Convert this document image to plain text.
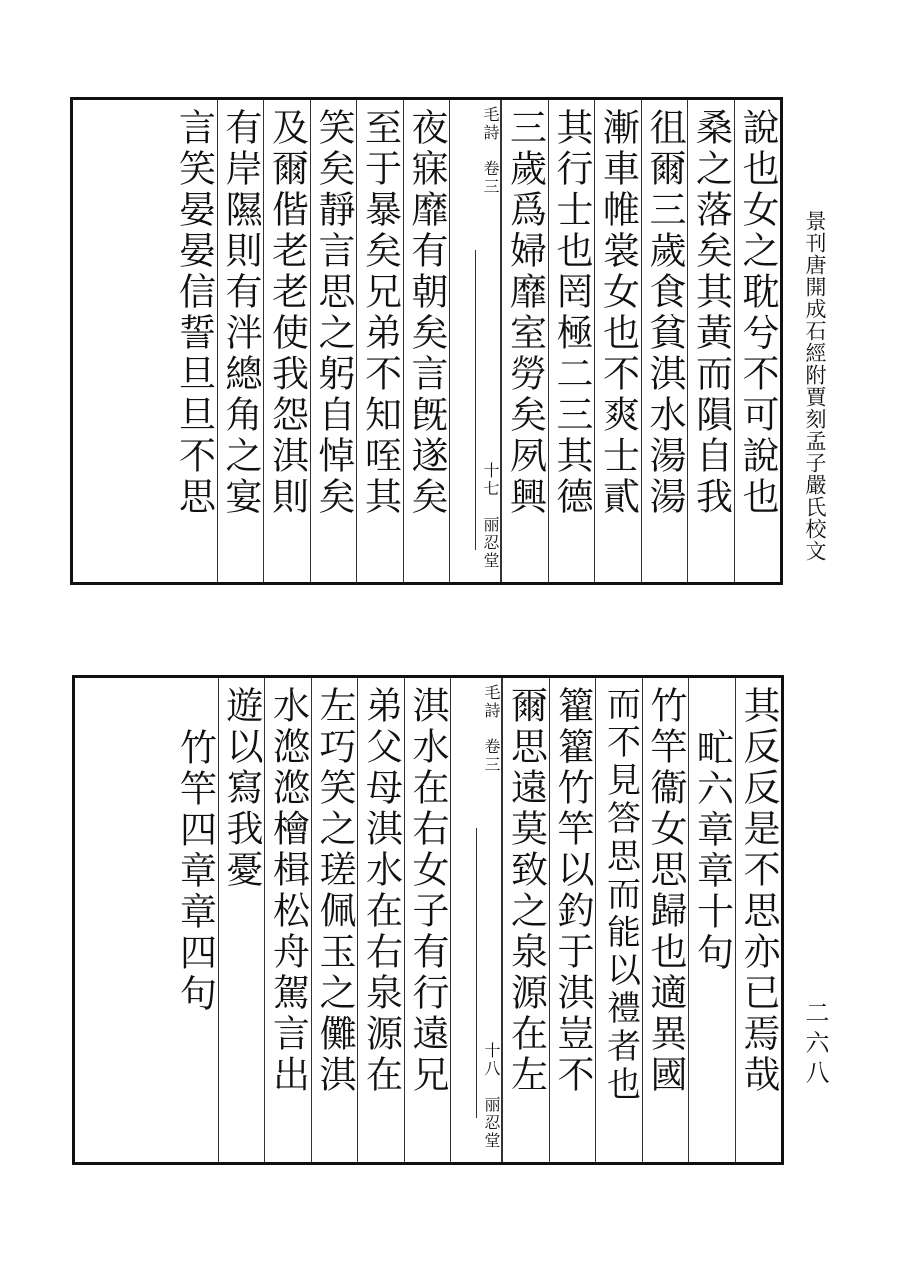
景刊唐開成石經附賈刻孟子嚴氏校文
二六八
說也女之耽兮不可說也
桑之落矣其黃而隕自我
徂爾三歲食貧淇水湯湯
漸車帷裳女也不爽士貳
其行士也罔極二三其德
三歲爲婦靡室勞矣夙興
毛詩　卷三
十七　丽忍堂
夜寐靡有朝矣言旣遂矣
至于暴矣兄弟不知咥其
笑矣靜言思之躬自悼矣
及爾偕老老使我怨淇則
有岸隰則有泮總角之宴
言笑晏晏信誓旦旦不思
其反反是不思亦已焉哉
甿六章章十句
竹竿衞女思歸也適異國
而不見答思而能以禮者也
籊籊竹竿以釣于淇豈不
爾思遠莫致之泉源在左
毛詩　卷三
十八　丽忍堂
淇水在右女子有行遠兄
弟父母淇水在右泉源在
左巧笑之瑳佩玉之儺淇
水滺滺檜楫松舟駕言出
遊以寫我憂
竹竿四章章四句
